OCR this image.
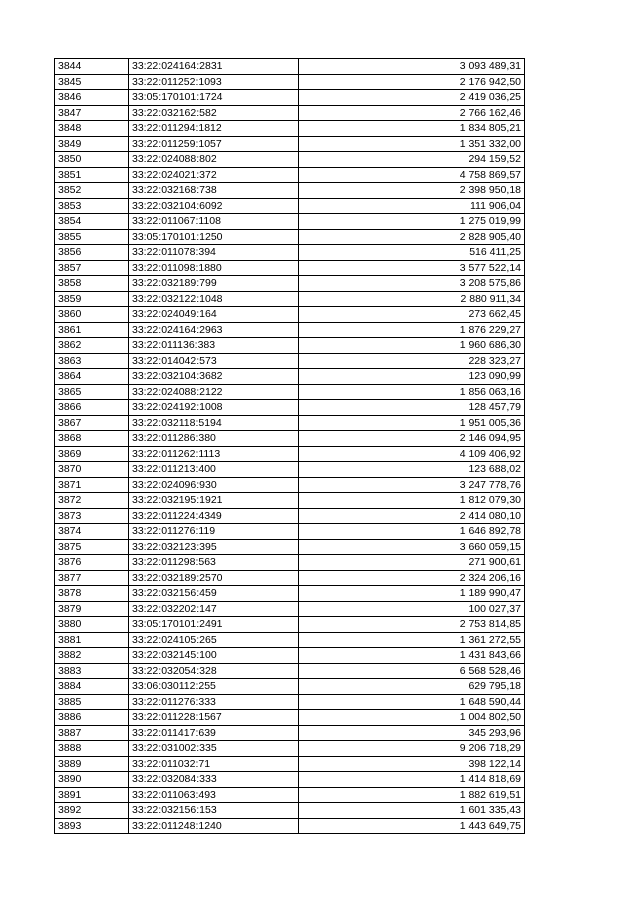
3844	33:22:024164:2831	3 093 489,31
3845	33:22:011252:1093	2 176 942,50
3846	33:05:170101:1724	2 419 036,25
3847	33:22:032162:582	2 766 162,46
3848	33:22:011294:1812	1 834 805,21
3849	33:22:011259:1057	1 351 332,00
3850	33:22:024088:802	294 159,52
3851	33:22:024021:372	4 758 869,57
3852	33:22:032168:738	2 398 950,18
3853	33:22:032104:6092	111 906,04
3854	33:22:011067:1108	1 275 019,99
3855	33:05:170101:1250	2 828 905,40
3856	33:22:011078:394	516 411,25
3857	33:22:011098:1880	3 577 522,14
3858	33:22:032189:799	3 208 575,86
3859	33:22:032122:1048	2 880 911,34
3860	33:22:024049:164	273 662,45
3861	33:22:024164:2963	1 876 229,27
3862	33:22:011136:383	1 960 686,30
3863	33:22:014042:573	228 323,27
3864	33:22:032104:3682	123 090,99
3865	33:22:024088:2122	1 856 063,16
3866	33:22:024192:1008	128 457,79
3867	33:22:032118:5194	1 951 005,36
3868	33:22:011286:380	2 146 094,95
3869	33:22:011262:1113	4 109 406,92
3870	33:22:011213:400	123 688,02
3871	33:22:024096:930	3 247 778,76
3872	33:22:032195:1921	1 812 079,30
3873	33:22:011224:4349	2 414 080,10
3874	33:22:011276:119	1 646 892,78
3875	33:22:032123:395	3 660 059,15
3876	33:22:011298:563	271 900,61
3877	33:22:032189:2570	2 324 206,16
3878	33:22:032156:459	1 189 990,47
3879	33:22:032202:147	100 027,37
3880	33:05:170101:2491	2 753 814,85
3881	33:22:024105:265	1 361 272,55
3882	33:22:032145:100	1 431 843,66
3883	33:22:032054:328	6 568 528,46
3884	33:06:030112:255	629 795,18
3885	33:22:011276:333	1 648 590,44
3886	33:22:011228:1567	1 004 802,50
3887	33:22:011417:639	345 293,96
3888	33:22:031002:335	9 206 718,29
3889	33:22:011032:71	398 122,14
3890	33:22:032084:333	1 414 818,69
3891	33:22:011063:493	1 882 619,51
3892	33:22:032156:153	1 601 335,43
3893	33:22:011248:1240	1 443 649,75
